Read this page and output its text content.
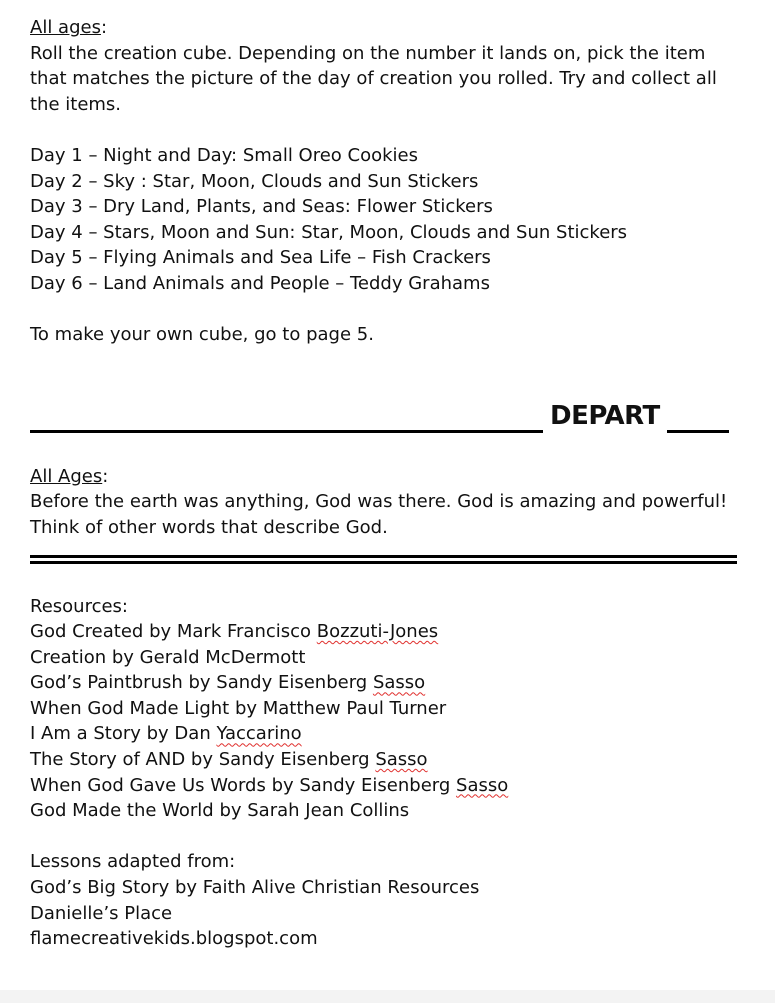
All ages:

Roll the creation cube. Depending on the number it lands on, pick the item that matches the picture of the day of creation you rolled. Try and collect all the items.

Day 1 – Night and Day: Small Oreo Cookies

Day 2 – Sky : Star, Moon, Clouds and Sun Stickers

Day 3 – Dry Land, Plants, and Seas: Flower Stickers

Day 4 – Stars, Moon and Sun: Star, Moon, Clouds and Sun Stickers

Day 5 – Flying Animals and Sea Life – Fish Crackers

Day 6 – Land Animals and People – Teddy Grahams

To make your own cube, go to page 5.

DEPART

All Ages:

Before the earth was anything, God was there. God is amazing and powerful!

Think of other words that describe God.

Resources:

God Created by Mark Francisco Bozzuti-Jones

Creation by Gerald McDermott

God’s Paintbrush by Sandy Eisenberg Sasso

When God Made Light by Matthew Paul Turner

I Am a Story by Dan Yaccarino

The Story of AND by Sandy Eisenberg Sasso

When God Gave Us Words by Sandy Eisenberg Sasso

God Made the World by Sarah Jean Collins

Lessons adapted from:

God’s Big Story by Faith Alive Christian Resources

Danielle’s Place

flamecreativekids.blogspot.com
